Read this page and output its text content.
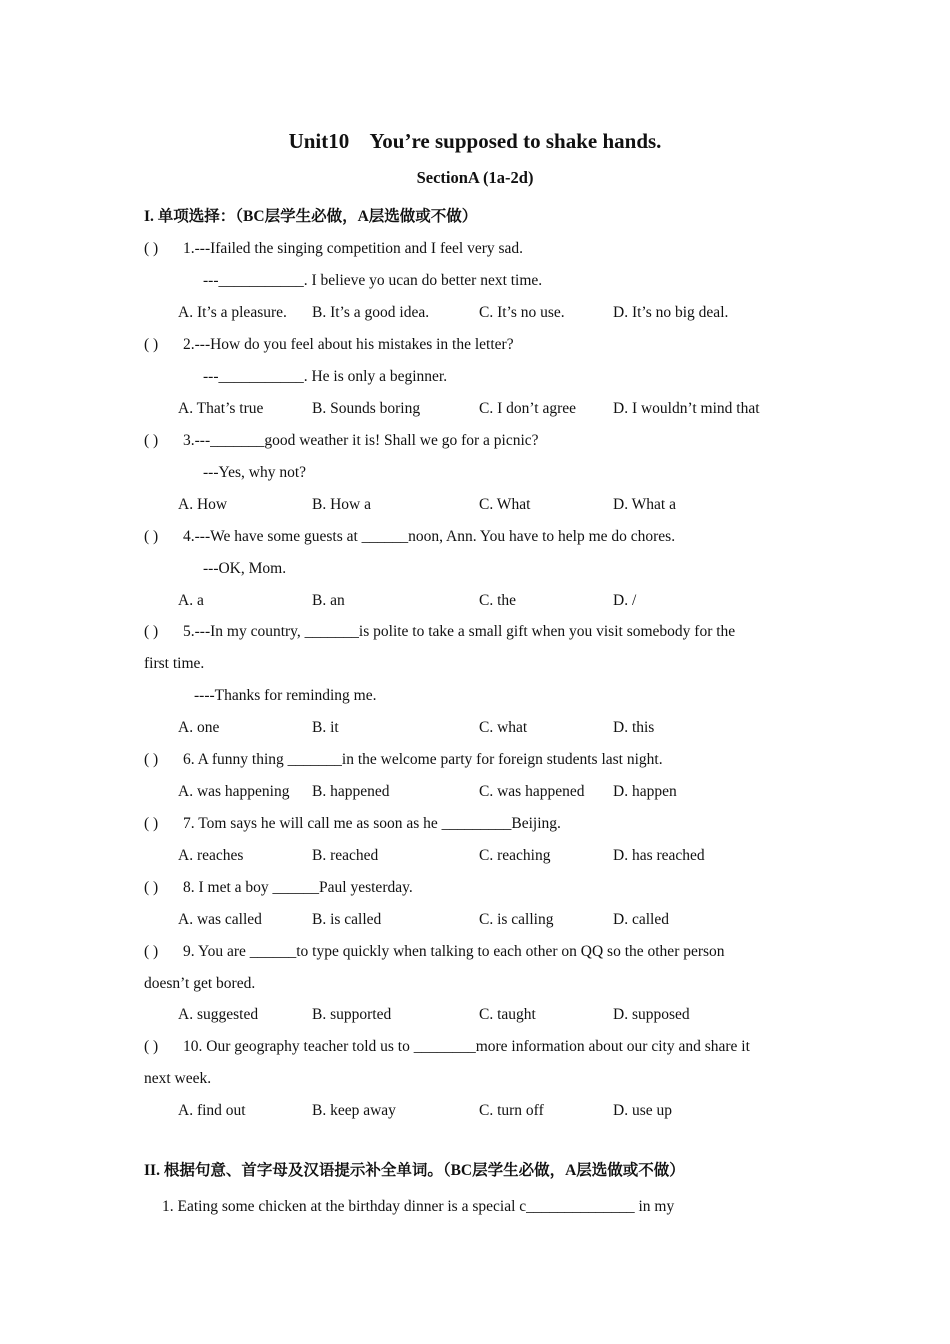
Unit10    You’re supposed to shake hands.
SectionA (1a-2d)
I. 单项选择：（BC层学生必做，A层选做或不做）
( ) 1.---Ifailed the singing competition and I feel very sad.
---___________. I believe yo ucan do better next time.
A. It’s a pleasure. B. It’s a good idea.	C. It’s no use.	D. It’s no big deal.
( ) 2.---How do you feel about his mistakes in the letter?
---___________. He is only a beginner.
A. That’s true	B. Sounds boring	C. I don’t agree D. I wouldn’t mind that
( ) 3.---_______good weather it is! Shall we go for a picnic?
---Yes, why not?
A. How	B. How a	C. What	D. What a
( ) 4.---We have some guests at ______noon, Ann. You have to help me do chores.
---OK, Mom.
A. a	B. an	C. the	D. /
( ) 5.---In my country, _______is polite to take a small gift when you visit somebody for the
first time.
----Thanks for reminding me.
A. one	B. it	C. what	D. this
( ) 6. A funny thing _______in the welcome party for foreign students last night.
A. was happening B. happened	C. was happened D. happen
( ) 7. Tom says he will call me as soon as he _________Beijing.
A. reaches	B. reached	C. reaching	D. has reached
( ) 8. I met a boy ______Paul yesterday.
A. was called	B. is called	C. is calling	D. called
( ) 9. You are ______to type quickly when talking to each other on QQ so the other person
doesn’t get bored.
A. suggested	B. supported	C. taught	D. supposed
( ) 10. Our geography teacher told us to ________more information about our city and share it
next week.
A. find out	B. keep away	C. turn off	D. use up
II. 根据句意、首字母及汉语提示补全单词。（BC层学生必做，A层选做或不做）
1. Eating some chicken at the birthday dinner is a special c______________ in my
